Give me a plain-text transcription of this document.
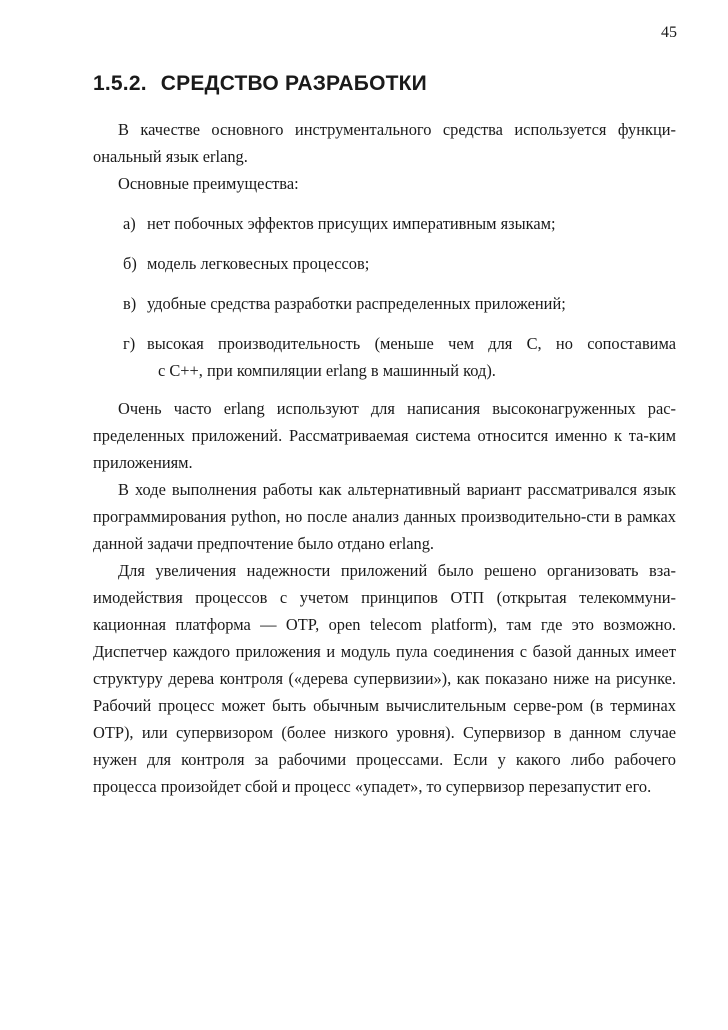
45
1.5.2. СРЕДСТВО РАЗРАБОТКИ

В качестве основного инструментального средства используется функци-ональный язык erlang.

Основные преимущества:

а) нет побочных эффектов присущих императивным языкам;
б) модель легковесных процессов;
в) удобные средства разработки распределенных приложений;
г) высокая производительность (меньше чем для C, но сопоставима
с C++, при компиляции erlang в машинный код).

Очень часто erlang используют для написания высоконагруженных рас-пределенных приложений. Рассматриваемая система относится именно к та-ким приложениям.

В ходе выполнения работы как альтернативный вариант рассматривался язык программирования python, но после анализ данных производительно-сти в рамках данной задачи предпочтение было отдано erlang.

Для увеличения надежности приложений было решено организовать вза-имодействия процессов с учетом принципов ОТП (открытая телекоммуни-кационная платформа — OTP, open telecom platform), там где это возможно. Диспетчер каждого приложения и модуль пула соединения с базой данных имеет структуру дерева контроля («дерева супервизии»), как показано ниже на рисунке. Рабочий процесс может быть обычным вычислительным серве-ром (в терминах OTP), или супервизором (более низкого уровня). Супервизор в данном случае нужен для контроля за рабочими процессами. Если у какого либо рабочего процесса произойдет сбой и процесс «упадет», то супервизор перезапустит его.
